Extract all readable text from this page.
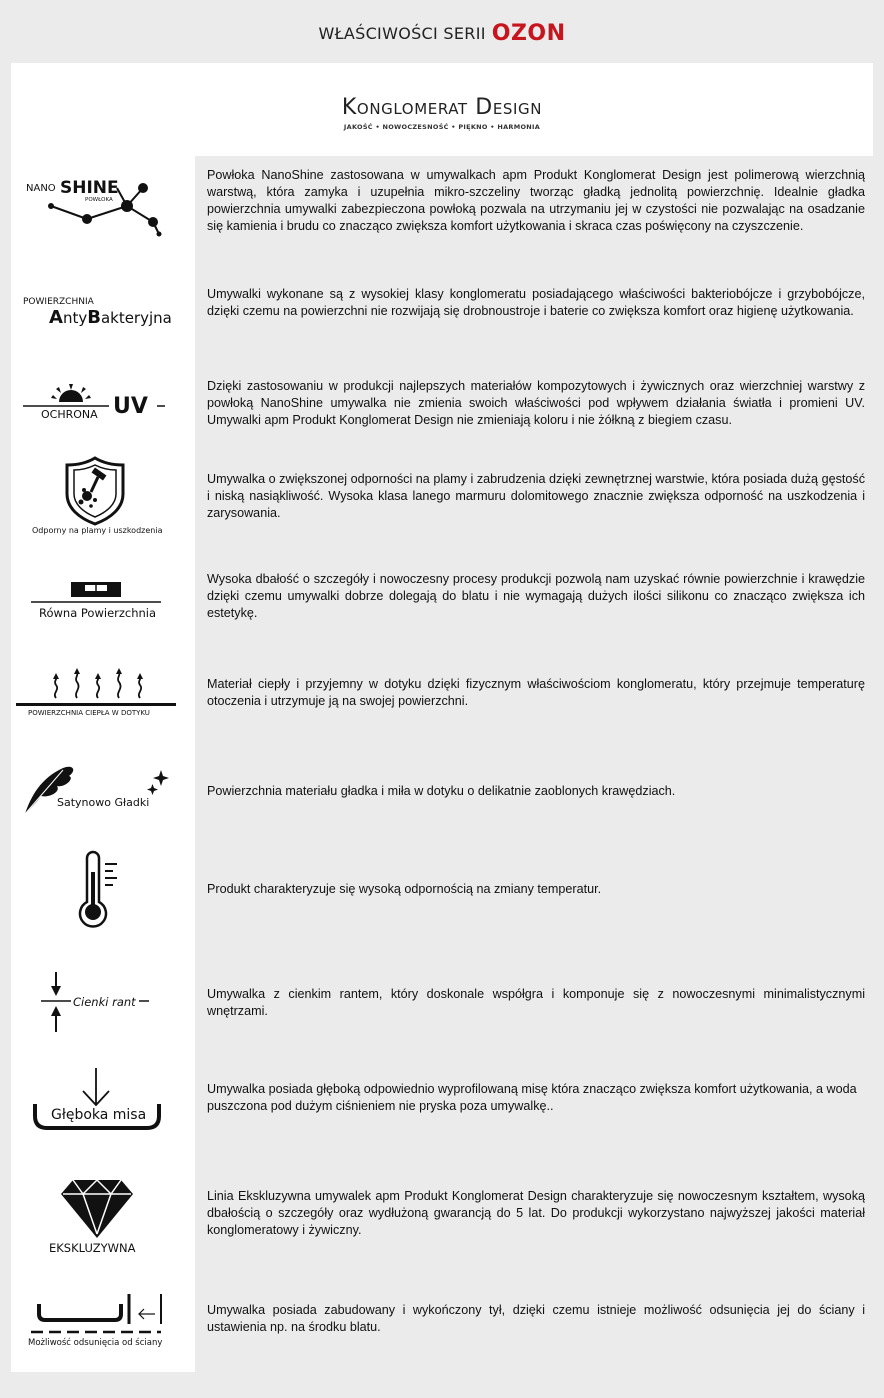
WŁAŚCIWOŚCI SERII OZON
Konglomerat Design
JAKOŚĆ • NOWOCZESNOŚĆ • PIĘKNO • HARMONIA
NANO SHINE
POWŁOKA
Powłoka NanoShine zastosowana w umywalkach apm Produkt Konglomerat Design jest polimerową wierzchnią warstwą, która zamyka i uzupełnia mikro-szczeliny tworząc gładką jednolitą powierzchnię. Idealnie gładka powierzchnia umywalki zabezpieczona powłoką pozwala na utrzymaniu jej w czystości nie pozwalając na osadzanie się kamienia i brudu co znacząco zwiększa komfort użytkowania i skraca czas poświęcony na czyszczenie.
POWIERZCHNIA
AntyBakteryjna
Umywalki wykonane są z wysokiej klasy konglomeratu posiadającego właściwości bakteriobójcze i grzybobójcze, dzięki czemu na powierzchni nie rozwijają się drobnoustroje i baterie co zwiększa komfort oraz higienę użytkowania.
OCHRONA UV
Dzięki zastosowaniu w produkcji najlepszych materiałów kompozytowych i żywicznych oraz wierzchniej warstwy z powłoką NanoShine umywalka nie zmienia swoich właściwości pod wpływem działania światła i promieni UV. Umywalki apm Produkt Konglomerat Design nie zmieniają koloru i nie żółkną z biegiem czasu.
Odporny na plamy i uszkodzenia
Umywalka o zwiększonej odporności na plamy i zabrudzenia dzięki zewnętrznej warstwie, która posiada dużą gęstość i niską nasiąkliwość. Wysoka klasa lanego marmuru dolomitowego znacznie zwiększa odporność na uszkodzenia i zarysowania.
Równa Powierzchnia
Wysoka dbałość o szczegóły i nowoczesny procesy produkcji pozwolą nam uzyskać równie powierzchnie i krawędzie dzięki czemu umywalki dobrze dolegają do blatu i nie wymagają dużych ilości silikonu co znacząco zwiększa ich estetykę.
POWIERZCHNIA CIEPŁA W DOTYKU
Materiał ciepły i przyjemny w dotyku dzięki fizycznym właściwościom konglomeratu, który przejmuje temperaturę otoczenia i utrzymuje ją na swojej powierzchni.
Satynowo Gładki
Powierzchnia materiału gładka i miła w dotyku o delikatnie zaoblonych krawędziach.
Produkt charakteryzuje się wysoką odpornością na zmiany temperatur.
Cienki rant
Umywalka z cienkim rantem, który doskonale współgra i komponuje się z nowoczesnymi minimalistycznymi wnętrzami.
Głęboka misa
Umywalka posiada głęboką odpowiednio wyprofilowaną misę która znacząco zwiększa komfort użytkowania, a woda puszczona pod dużym ciśnieniem nie pryska poza umywalkę..
EKSKLUZYWNA
Linia Ekskluzywna umywalek apm Produkt Konglomerat Design charakteryzuje się nowoczesnym kształtem, wysoką dbałością o szczegóły oraz wydłużoną gwarancją do 5 lat. Do produkcji wykorzystano najwyższej jakości materiał konglomeratowy i żywiczny.
Możliwość odsunięcia od ściany
Umywalka posiada zabudowany i wykończony tył, dzięki czemu istnieje możliwość odsunięcia jej do ściany i ustawienia np. na środku blatu.
